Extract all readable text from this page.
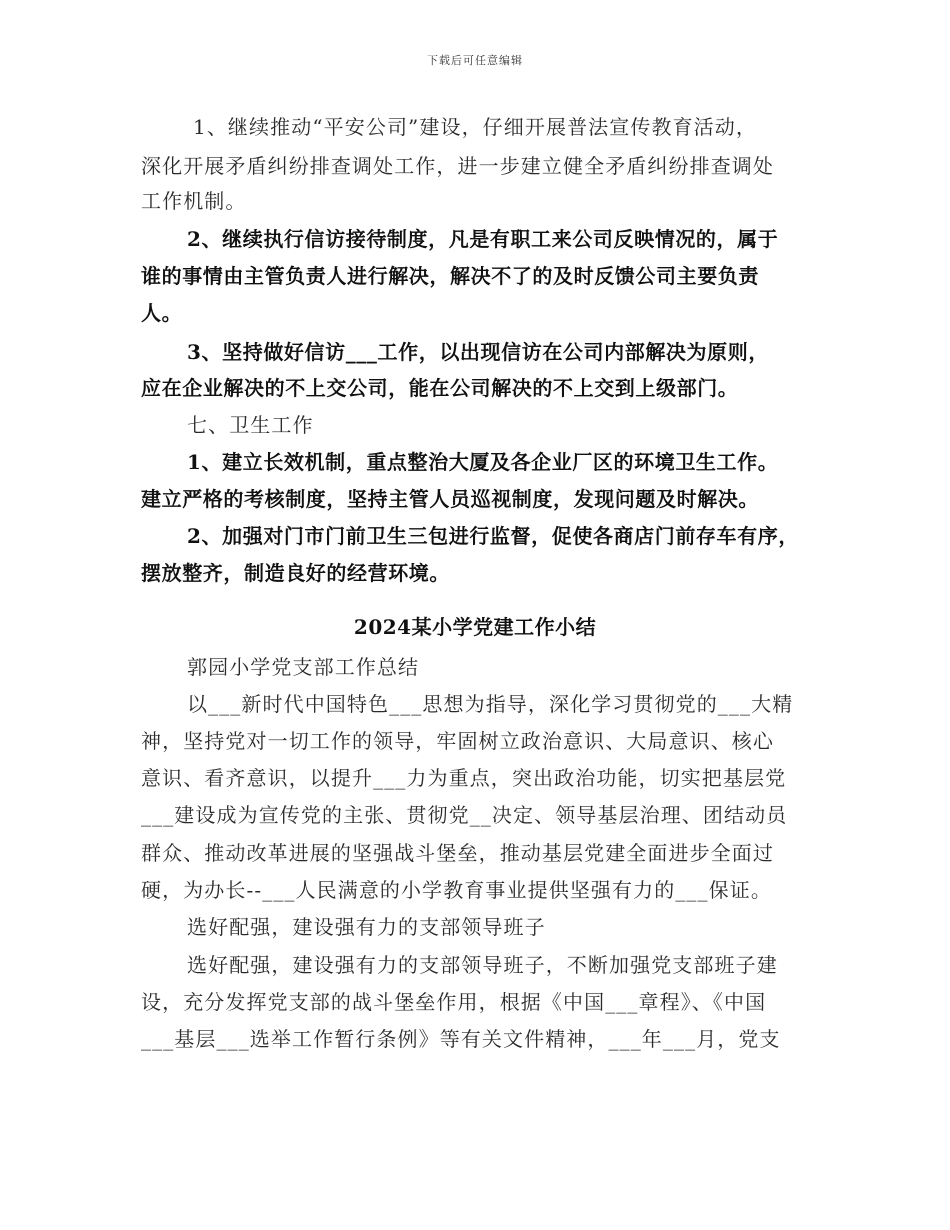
下载后可任意编辑
1、继续推动“平安公司”建设，仔细开展普法宣传教育活动，
深化开展矛盾纠纷排查调处工作，进一步建立健全矛盾纠纷排查调处
工作机制。
2、继续执行信访接待制度，凡是有职工来公司反映情况的，属于
谁的事情由主管负责人进行解决，解决不了的及时反馈公司主要负责
人。
3、坚持做好信访___工作，以出现信访在公司内部解决为原则，
应在企业解决的不上交公司，能在公司解决的不上交到上级部门。
七、卫生工作
1、建立长效机制，重点整治大厦及各企业厂区的环境卫生工作。
建立严格的考核制度，坚持主管人员巡视制度，发现问题及时解决。
2、加强对门市门前卫生三包进行监督，促使各商店门前存车有序，
摆放整齐，制造良好的经营环境。
2024某小学党建工作小结
郭园小学党支部工作总结
以___新时代中国特色___思想为指导，深化学习贯彻党的___大精
神，坚持党对一切工作的领导，牢固树立政治意识、大局意识、核心
意识、看齐意识，以提升___力为重点，突出政治功能，切实把基层党
___建设成为宣传党的主张、贯彻党__决定、领导基层治理、团结动员
群众、推动改革进展的坚强战斗堡垒，推动基层党建全面进步全面过
硬，为办长--___人民满意的小学教育事业提供坚强有力的___保证。
选好配强，建设强有力的支部领导班子
选好配强，建设强有力的支部领导班子，不断加强党支部班子建
设，充分发挥党支部的战斗堡垒作用，根据《中国___章程》、《中国
___基层___选举工作暂行条例》等有关文件精神，___年___月，党支
